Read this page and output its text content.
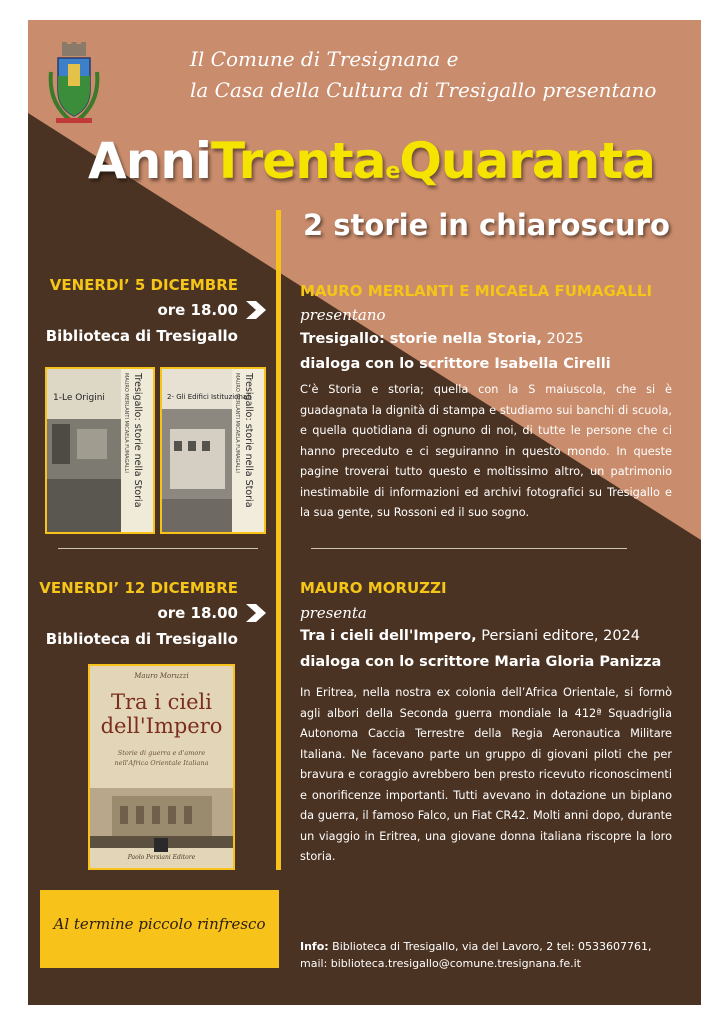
Il Comune di Tresignana e
la Casa della Cultura di Tresigallo presentano
AnniTrentaeQuaranta
2 storie in chiaroscuro
VENERDI’ 5 DICEMBRE
ore 18.00
Biblioteca di Tresigallo
1-Le Origini	Tresigallo: storie nella Storia
MAURO MERLANTI MICAELA FUMAGALLI	2- Gli Edifici Istituzionali
Tresigallo: storie nella Storia
MAURO MERLANTI MICAELA FUMAGALLI
MAURO MERLANTI E MICAELA FUMAGALLI
presentano
Tresigallo: storie nella Storia, 2025
dialoga con lo scrittore Isabella Cirelli
C’è Storia e storia; quella con la S maiuscola, che si è guadagnata la dignità di stampa e studiamo sui banchi di scuola, e quella quotidiana di ognuno di noi, di tutte le persone che ci hanno preceduto e ci seguiranno in questo mondo. In queste pagine troverai tutto questo e moltissimo altro, un patrimonio inestimabile di informazioni ed archivi fotografici su Tresigallo e la sua gente, su Rossoni ed il suo sogno.
VENERDI’ 12 DICEMBRE
ore 18.00
Biblioteca di Tresigallo
Mauro Moruzzi
Tra i cieli
dell'Impero
Storie di guerra e d'amore
nell'Africa Orientale Italiana
Paolo Persiani Editore
MAURO MORUZZI
presenta
Tra i cieli dell'Impero, Persiani editore, 2024
dialoga con lo scrittore Maria Gloria Panizza
In Eritrea, nella nostra ex colonia dell’Africa Orientale, si formò agli albori della Seconda guerra mondiale la 412ª Squadriglia Autonoma Caccia Terrestre della Regia Aeronautica Militare Italiana. Ne facevano parte un gruppo di giovani piloti che per bravura e coraggio avrebbero ben presto ricevuto riconoscimenti e onorificenze importanti. Tutti avevano in dotazione un biplano da guerra, il famoso Falco, un Fiat CR42. Molti anni dopo, durante un viaggio in Eritrea, una giovane donna italiana riscopre la loro storia.
Al termine piccolo rinfresco
Info: Biblioteca di Tresigallo, via del Lavoro, 2 tel: 0533607761,
mail: biblioteca.tresigallo@comune.tresignana.fe.it
